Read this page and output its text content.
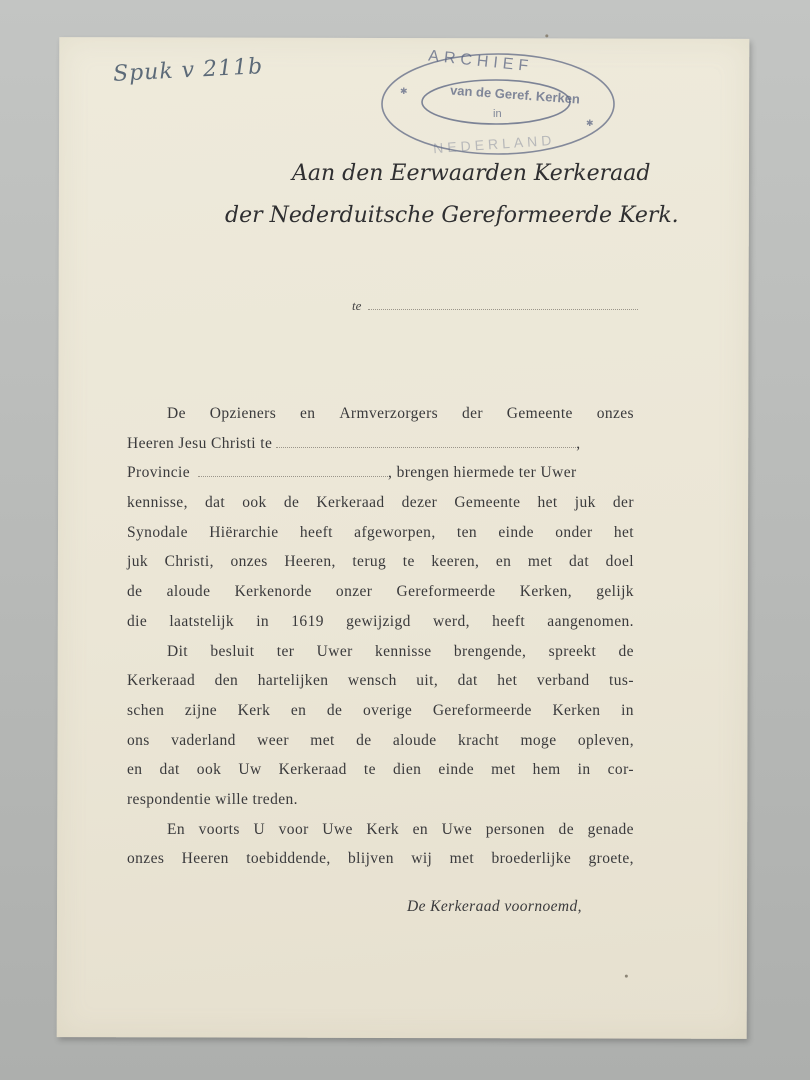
Spuk v 211b
✱
✱
ARCHIEF
van de Geref. Kerken
in
NEDERLAND
Aan den Eerwaarden Kerkeraad
der Nederduitsche Gereformeerde Kerk.
te
De Opzieners en Armverzorgers der Gemeente onzes
Heeren Jesu Christi te	,
Provincie	, brengen hiermede ter Uwer
kennisse, dat ook de Kerkeraad dezer Gemeente het juk der
Synodale Hiërarchie heeft afgeworpen, ten einde onder het
juk Christi, onzes Heeren, terug te keeren, en met dat doel
de aloude Kerkenorde onzer Gereformeerde Kerken, gelijk
die laatstelijk in 1619 gewijzigd werd, heeft aangenomen.
Dit besluit ter Uwer kennisse brengende, spreekt de
Kerkeraad den hartelijken wensch uit, dat het verband tus-
schen zijne Kerk en de overige Gereformeerde Kerken in
ons vaderland weer met de aloude kracht moge opleven,
en dat ook Uw Kerkeraad te dien einde met hem in cor-
respondentie wille treden.
En voorts U voor Uwe Kerk en Uwe personen de genade
onzes Heeren toebiddende, blijven wij met broederlijke groete,
De Kerkeraad voornoemd,
